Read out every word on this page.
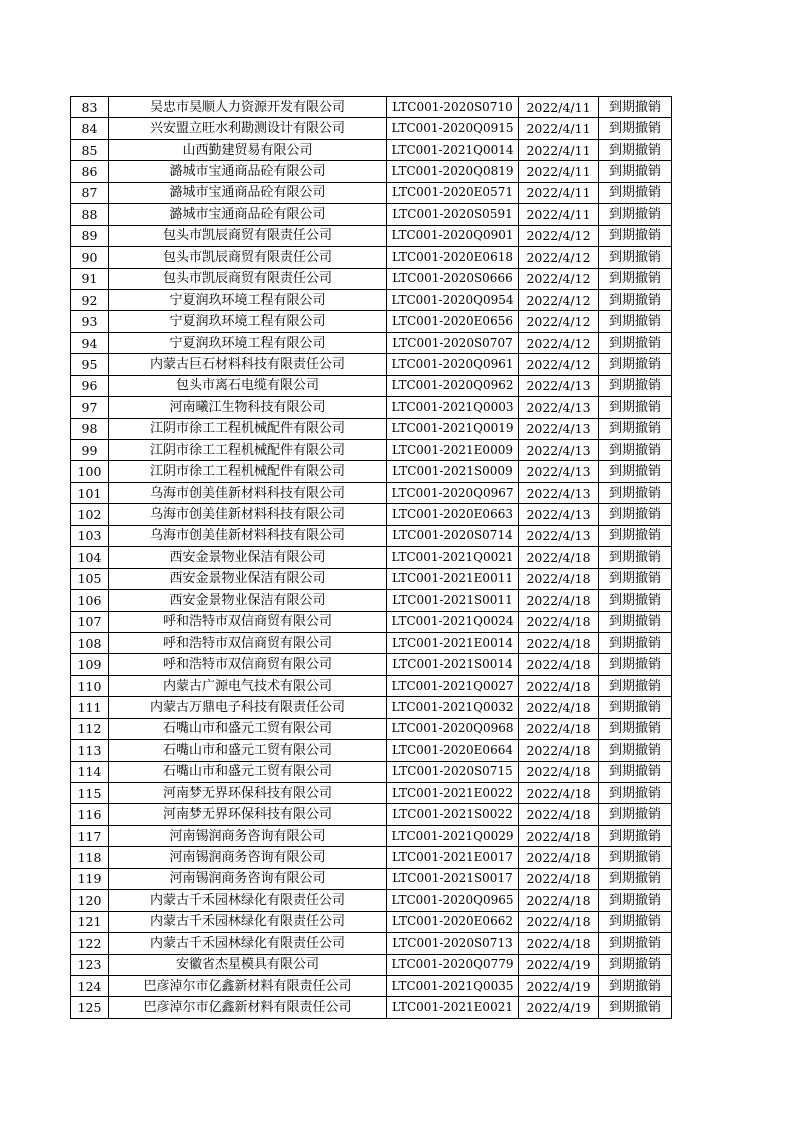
83	吴忠市昊顺人力资源开发有限公司	LTC001-2020S0710	2022/4/11	到期撤销
84	兴安盟立旺水利勘测设计有限公司	LTC001-2020Q0915	2022/4/11	到期撤销
85	山西勤建贸易有限公司	LTC001-2021Q0014	2022/4/11	到期撤销
86	潞城市宝通商品砼有限公司	LTC001-2020Q0819	2022/4/11	到期撤销
87	潞城市宝通商品砼有限公司	LTC001-2020E0571	2022/4/11	到期撤销
88	潞城市宝通商品砼有限公司	LTC001-2020S0591	2022/4/11	到期撤销
89	包头市凯辰商贸有限责任公司	LTC001-2020Q0901	2022/4/12	到期撤销
90	包头市凯辰商贸有限责任公司	LTC001-2020E0618	2022/4/12	到期撤销
91	包头市凯辰商贸有限责任公司	LTC001-2020S0666	2022/4/12	到期撤销
92	宁夏润玖环境工程有限公司	LTC001-2020Q0954	2022/4/12	到期撤销
93	宁夏润玖环境工程有限公司	LTC001-2020E0656	2022/4/12	到期撤销
94	宁夏润玖环境工程有限公司	LTC001-2020S0707	2022/4/12	到期撤销
95	内蒙古巨石材料科技有限责任公司	LTC001-2020Q0961	2022/4/12	到期撤销
96	包头市离石电缆有限公司	LTC001-2020Q0962	2022/4/13	到期撤销
97	河南曦江生物科技有限公司	LTC001-2021Q0003	2022/4/13	到期撤销
98	江阴市徐工工程机械配件有限公司	LTC001-2021Q0019	2022/4/13	到期撤销
99	江阴市徐工工程机械配件有限公司	LTC001-2021E0009	2022/4/13	到期撤销
100	江阴市徐工工程机械配件有限公司	LTC001-2021S0009	2022/4/13	到期撤销
101	乌海市创美佳新材料科技有限公司	LTC001-2020Q0967	2022/4/13	到期撤销
102	乌海市创美佳新材料科技有限公司	LTC001-2020E0663	2022/4/13	到期撤销
103	乌海市创美佳新材料科技有限公司	LTC001-2020S0714	2022/4/13	到期撤销
104	西安金景物业保洁有限公司	LTC001-2021Q0021	2022/4/18	到期撤销
105	西安金景物业保洁有限公司	LTC001-2021E0011	2022/4/18	到期撤销
106	西安金景物业保洁有限公司	LTC001-2021S0011	2022/4/18	到期撤销
107	呼和浩特市双信商贸有限公司	LTC001-2021Q0024	2022/4/18	到期撤销
108	呼和浩特市双信商贸有限公司	LTC001-2021E0014	2022/4/18	到期撤销
109	呼和浩特市双信商贸有限公司	LTC001-2021S0014	2022/4/18	到期撤销
110	内蒙古广源电气技术有限公司	LTC001-2021Q0027	2022/4/18	到期撤销
111	内蒙古万鼎电子科技有限责任公司	LTC001-2021Q0032	2022/4/18	到期撤销
112	石嘴山市和盛元工贸有限公司	LTC001-2020Q0968	2022/4/18	到期撤销
113	石嘴山市和盛元工贸有限公司	LTC001-2020E0664	2022/4/18	到期撤销
114	石嘴山市和盛元工贸有限公司	LTC001-2020S0715	2022/4/18	到期撤销
115	河南梦无界环保科技有限公司	LTC001-2021E0022	2022/4/18	到期撤销
116	河南梦无界环保科技有限公司	LTC001-2021S0022	2022/4/18	到期撤销
117	河南锡润商务咨询有限公司	LTC001-2021Q0029	2022/4/18	到期撤销
118	河南锡润商务咨询有限公司	LTC001-2021E0017	2022/4/18	到期撤销
119	河南锡润商务咨询有限公司	LTC001-2021S0017	2022/4/18	到期撤销
120	内蒙古千禾园林绿化有限责任公司	LTC001-2020Q0965	2022/4/18	到期撤销
121	内蒙古千禾园林绿化有限责任公司	LTC001-2020E0662	2022/4/18	到期撤销
122	内蒙古千禾园林绿化有限责任公司	LTC001-2020S0713	2022/4/18	到期撤销
123	安徽省杰星模具有限公司	LTC001-2020Q0779	2022/4/19	到期撤销
124	巴彦淖尔市亿鑫新材料有限责任公司	LTC001-2021Q0035	2022/4/19	到期撤销
125	巴彦淖尔市亿鑫新材料有限责任公司	LTC001-2021E0021	2022/4/19	到期撤销
